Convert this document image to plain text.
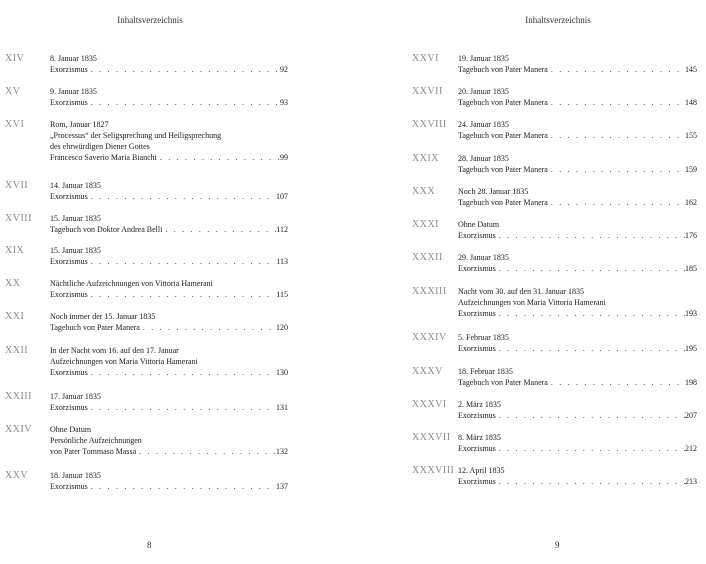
Inhaltsverzeichnis
XIV	8. Januar 1835
Exorzismus . . .	92
XV	9. Januar 1835
Exorzismus . . .	93
XVI	Rom, Januar 1827
„Processus“ der Seligsprechung und Heiligsprechung
des ehrwürdigen Diener Gottes
Francesco Saverio Maria Bianchi . . .	99
XVII	14. Januar 1835
Exorzismus . . .	107
XVIII 15. Januar 1835
Tagebuch von Doktor Andrea Belli . . .	112
XIX	15. Januar 1835
Exorzismus . . .	113
XX	Nächtliche Aufzeichnungen von Vittoria Hamerani
Exorzismus . . .	115
XXI	Noch immer der 15. Januar 1835
Tagebuch von Pater Manera . . .	120
XXII	In der Nacht vom 16. auf den 17. Januar
Aufzeichnungen von Maria Vittoria Hamerani
Exorzismus . . .	130
XXIII 17. Januar 1835
Exorzismus . . .	131
XXIV Ohne Datum
Persönliche Aufzeichnungen
von Pater Tommaso Massa . . .	132
XXV	18. Januar 1835
Exorzismus . . .	137
8
Inhaltsverzeichnis
XXVI 19. Januar 1835
Tagebuch von Pater Manera . . .	145
XXVII 20. Januar 1835
Tagebuch von Pater Manera . . .	148
XXVIII 24. Januar 1835
Tagebuch von Pater Manera . . .	155
XXIX 28. Januar 1835
Tagebuch von Pater Manera . . .	159
XXX	Noch 28. Januar 1835
Tagebuch von Pater Manera . . .	162
XXXI Ohne Datum
Exorzismus . . .	176
XXXII 29. Januar 1835
Exorzismus . . .	185
XXXIII Nacht vom 30. auf den 31. Januar 1835
Aufzeichnungen von Maria Vittoria Hamerani
Exorzismus . . .	193
XXXIV 5. Februar 1835
Exorzismus . . .	195
XXXV 18. Februar 1835
Tagebuch von Pater Manera . . .	198
XXXVI 2. März 1835
Exorzismus . . .	207
XXXVII 8. März 1835
Exorzismus . . .	212
XXXVIII 12. April 1835
Exorzismus . . .	213
9
